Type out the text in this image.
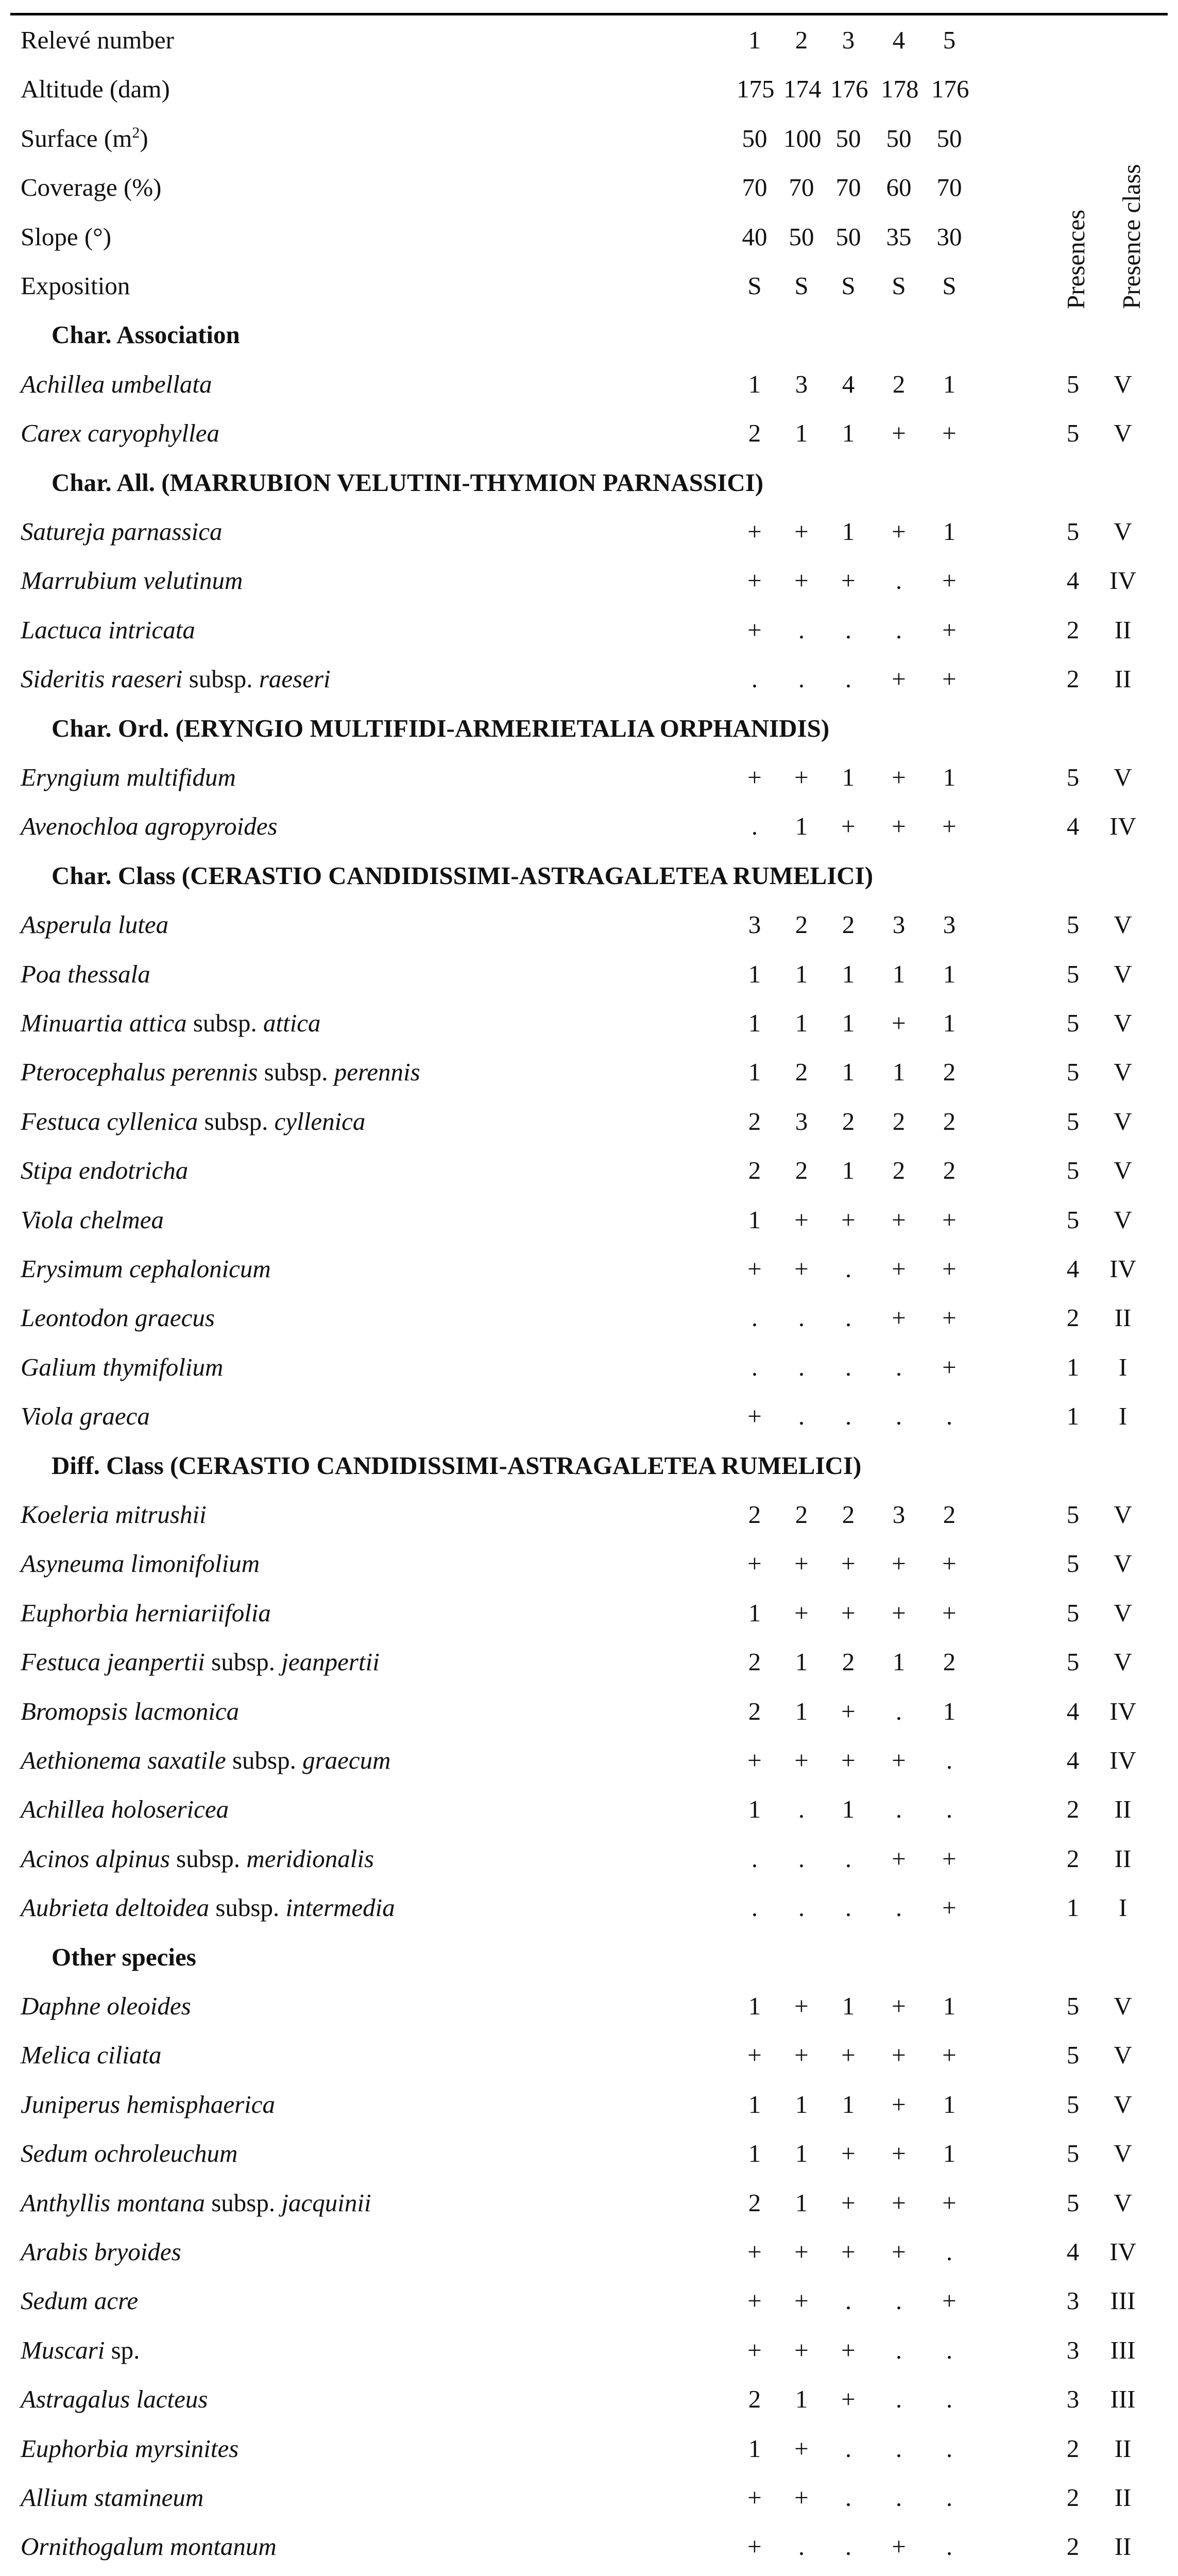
Relevé number	1	2	3	4	5
Altitude (dam)	175 174 176 178 176
Surface $(m^2)$	50 100 50 50 50
Coverage (%)	70 70 70 60 70
Slope (°)	40 50 50 35 30
Exposition	S	S	S	S	S	Presences Presence class
Char. Association
Achillea umbellata	1	3	4	2	1	5	V
Carex caryophyllea	2	1	1	+	+	5	V
Char. All. (MARRUBION VELUTINI-THYMION PARNASSICI)
Satureja parnassica	+	+	1	+	1	5	V
Marrubium velutinum	+	+	+	.	+	4	IV
Lactuca intricata	+	.	.	.	+	2	II
Sideritis raeseri subsp. raeseri	.	.	.	+	+	2	II
Char. Ord. (ERYNGIO MULTIFIDI-ARMERIETALIA ORPHANIDIS)
Eryngium multifidum	+	+	1	+	1	5	V
Avenochloa agropyroides	.	1	+	+	+	4	IV
Char. Class (CERASTIO CANDIDISSIMI-ASTRAGALETEA RUMELICI)
Asperula lutea	3	2	2	3	3	5	V
Poa thessala	1	1	1	1	1	5	V
Minuartia attica subsp. attica	1	1	1	+	1	5	V
Pterocephalus perennis subsp. perennis	1	2	1	1	2	5	V
Festuca cyllenica subsp. cyllenica	2	3	2	2	2	5	V
Stipa endotricha	2	2	1	2	2	5	V
Viola chelmea	1	+	+	+	+	5	V
Erysimum cephalonicum	+	+	.	+	+	4	IV
Leontodon graecus	.	.	.	+	+	2	II
Galium thymifolium	.	.	.	.	+	1	I
Viola graeca	+	.	.	.	.	1	I
Diff. Class (CERASTIO CANDIDISSIMI-ASTRAGALETEA RUMELICI)
Koeleria mitrushii	2	2	2	3	2	5	V
Asyneuma limonifolium	+	+	+	+	+	5	V
Euphorbia herniariifolia	1	+	+	+	+	5	V
Festuca jeanpertii subsp. jeanpertii	2	1	2	1	2	5	V
Bromopsis lacmonica	2	1	+	.	1	4	IV
Aethionema saxatile subsp. graecum	+	+	+	+	.	4	IV
Achillea holosericea	1	.	1	.	.	2	II
Acinos alpinus subsp. meridionalis	.	.	.	+	+	2	II
Aubrieta deltoidea subsp. intermedia	.	.	.	.	+	1	I
Other species
Daphne oleoides	1	+	1	+	1	5	V
Melica ciliata	+	+	+	+	+	5	V
Juniperus hemisphaerica	1	1	1	+	1	5	V
Sedum ochroleuchum	1	1	+	+	1	5	V
Anthyllis montana subsp. jacquinii	2	1	+	+	+	5	V
Arabis bryoides	+	+	+	+	.	4	IV
Sedum acre	+	+	.	.	+	3	III
Muscari sp.	+	+	+	.	.	3	III
Astragalus lacteus	2	1	+	.	.	3	III
Euphorbia myrsinites	1	+	.	.	.	2	II
Allium stamineum	+	+	.	.	.	2	II
Ornithogalum montanum	+	.	.	+	.	2	II
